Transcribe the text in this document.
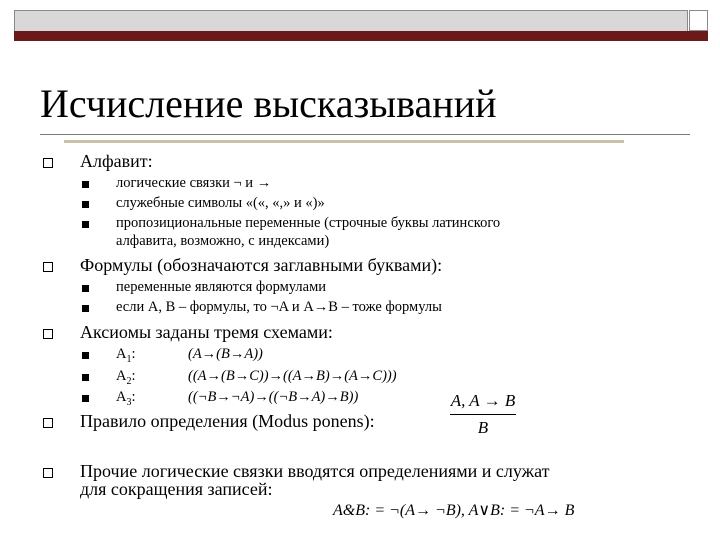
Исчисление высказываний
Алфавит:
логические связки ¬ и →
служебные символы «(«, «,» и «)»
пропозициональные переменные (строчные буквы латинского
алфавита, возможно, с индексами)
Формулы (обозначаются заглавными буквами):
переменные являются формулами
если A, B – формулы, то ¬A и A→B – тоже формулы
Аксиомы заданы тремя схемами:
$A_1$:	(A→(B→A))
$A_2$:	((A→(B→C))→((A→B)→(A→C)))
$A_3$:	((¬B→¬A)→((¬B→A)→B))
Правило определения (Modus ponens):
A, A → B
B
Прочие логические связки вводятся определениями и служат
для сокращения записей:
A&B: = ¬(A→ ¬B), A∨B: = ¬A→ B
